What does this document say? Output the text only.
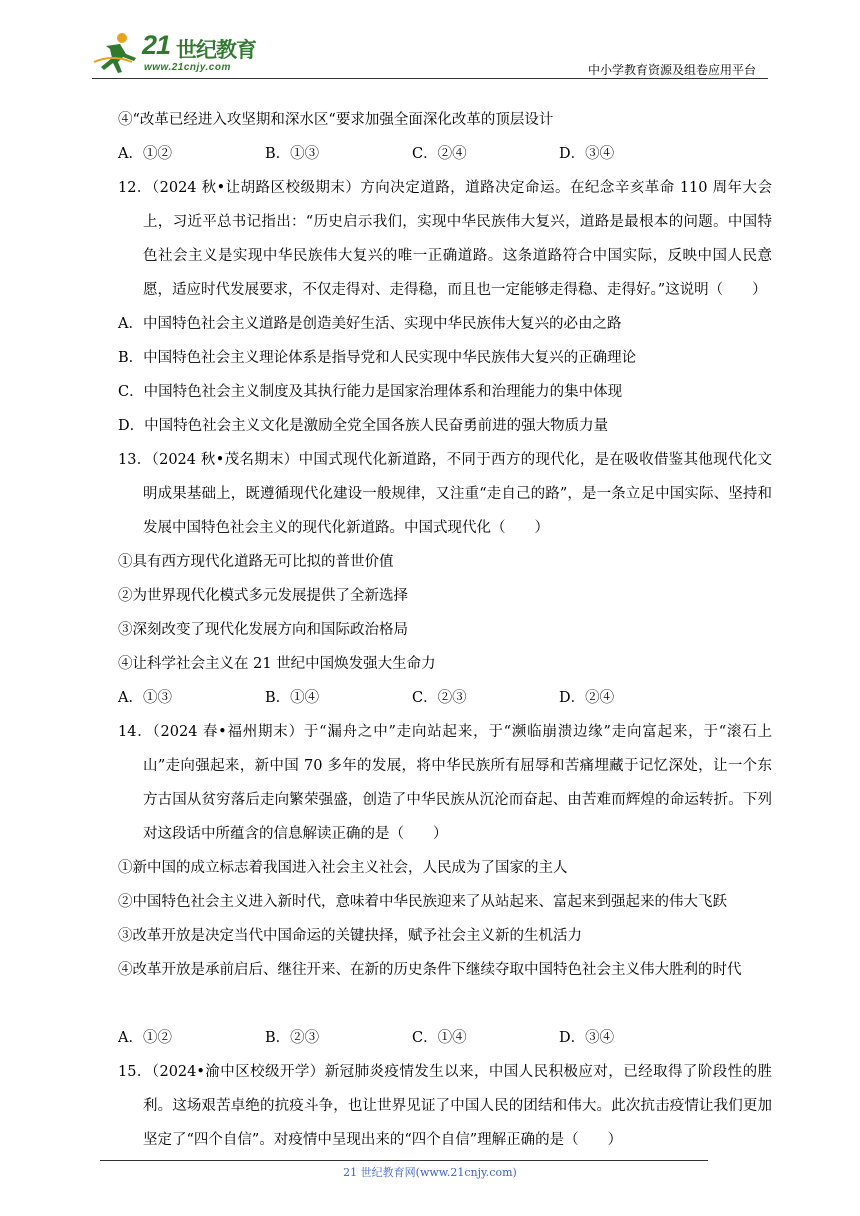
21 世纪教育
www.21cnjy.com	中小学教育资源及组卷应用平台
④“改革已经进入攻坚期和深水区“要求加强全面深化改革的顶层设计
A．①②	B．①③	C．②④	D．③④
12．（2024 秋•让胡路区校级期末）方向决定道路，道路决定命运。在纪念辛亥革命 110 周年大会上，习近平总书记指出：“历史启示我们，实现中华民族伟大复兴，道路是最根本的问题。中国特色社会主义是实现中华民族伟大复兴的唯一正确道路。这条道路符合中国实际，反映中国人民意愿，适应时代发展要求，不仅走得对、走得稳，而且也一定能够走得稳、走得好。”这说明（　　）
A．中国特色社会主义道路是创造美好生活、实现中华民族伟大复兴的必由之路
B．中国特色社会主义理论体系是指导党和人民实现中华民族伟大复兴的正确理论
C．中国特色社会主义制度及其执行能力是国家治理体系和治理能力的集中体现
D．中国特色社会主义文化是激励全党全国各族人民奋勇前进的强大物质力量
13．（2024 秋•茂名期末）中国式现代化新道路，不同于西方的现代化，是在吸收借鉴其他现代化文明成果基础上，既遵循现代化建设一般规律，又注重“走自己的路”，是一条立足中国实际、坚持和发展中国特色社会主义的现代化新道路。中国式现代化（　　）
①具有西方现代化道路无可比拟的普世价值
②为世界现代化模式多元发展提供了全新选择
③深刻改变了现代化发展方向和国际政治格局
④让科学社会主义在 21 世纪中国焕发强大生命力
A．①③	B．①④	C．②③	D．②④
14．（2024 春•福州期末）于“漏舟之中”走向站起来，于“濒临崩溃边缘”走向富起来，于“滚石上山”走向强起来，新中国 70 多年的发展，将中华民族所有屈辱和苦痛埋藏于记忆深处，让一个东方古国从贫穷落后走向繁荣强盛，创造了中华民族从沉沦而奋起、由苦难而辉煌的命运转折。下列对这段话中所蕴含的信息解读正确的是（　　）
①新中国的成立标志着我国进入社会主义社会，人民成为了国家的主人
②中国特色社会主义进入新时代，意味着中华民族迎来了从站起来、富起来到强起来的伟大飞跃
③改革开放是决定当代中国命运的关键抉择，赋予社会主义新的生机活力
④改革开放是承前启后、继往开来、在新的历史条件下继续夺取中国特色社会主义伟大胜利的时代
A．①②	B．②③	C．①④	D．③④
15．（2024•渝中区校级开学）新冠肺炎疫情发生以来，中国人民积极应对，已经取得了阶段性的胜利。这场艰苦卓绝的抗疫斗争，也让世界见证了中国人民的团结和伟大。此次抗击疫情让我们更加坚定了“四个自信”。对疫情中呈现出来的“四个自信”理解正确的是（　　）
21 世纪教育网(www.21cnjy.com)
